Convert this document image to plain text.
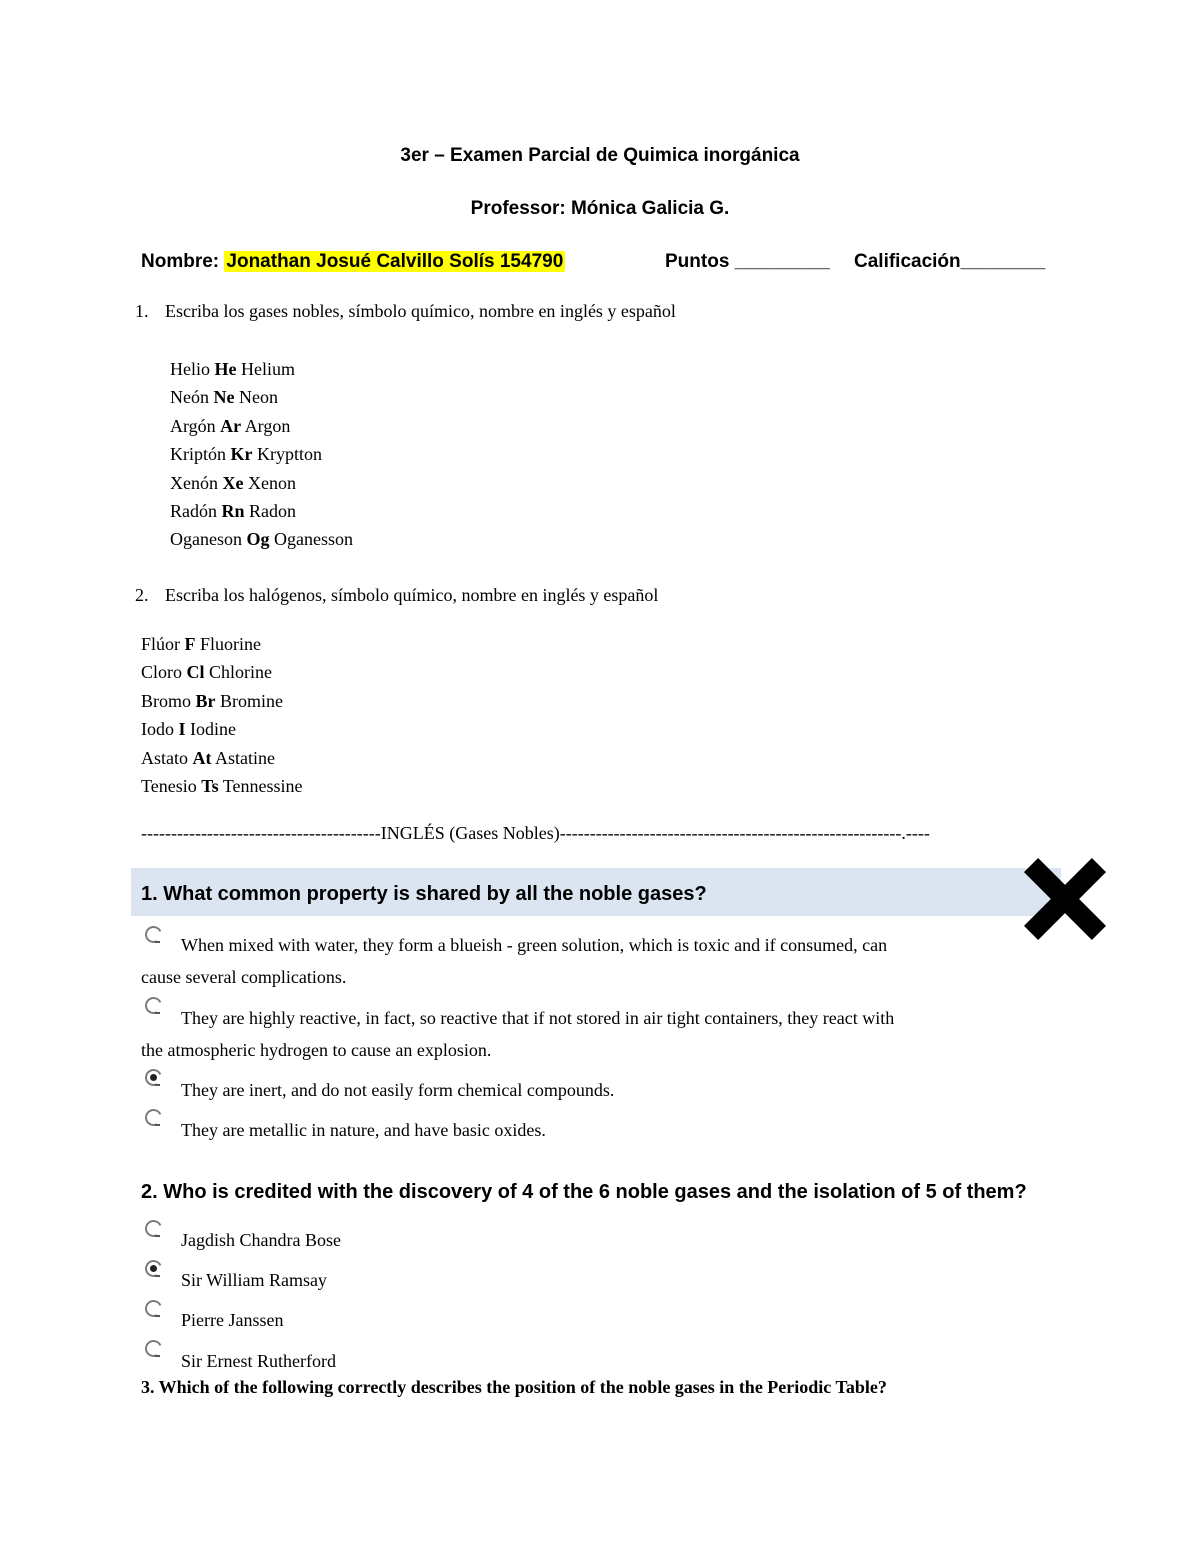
3er – Examen Parcial de Quimica inorgánica
Professor: Mónica Galicia G.
Nombre: Jonathan Josué Calvillo Solís 154790	Puntos _________ Calificación________
1. Escriba los gases nobles, símbolo químico, nombre en inglés y español
Helio He Helium
Neón Ne Neon
Argón Ar Argon
Kriptón Kr Kryptton
Xenón Xe Xenon
Radón Rn Radon
Oganeson Og Oganesson
2. Escriba los halógenos, símbolo químico, nombre en inglés y español
Flúor F Fluorine
Cloro Cl Chlorine
Bromo Br Bromine
Iodo I Iodine
Astato At Astatine
Tenesio Ts Tennessine
----------------------------------------INGLÉS (Gases Nobles)---------------------------------------------------------.----
1. What common property is shared by all the noble gases?
When mixed with water, they form a blueish - green solution, which is toxic and if consumed, can
cause several complications.
They are highly reactive, in fact, so reactive that if not stored in air tight containers, they react with
the atmospheric hydrogen to cause an explosion.
They are inert, and do not easily form chemical compounds.
They are metallic in nature, and have basic oxides.
2. Who is credited with the discovery of 4 of the 6 noble gases and the isolation of 5 of them?
Jagdish Chandra Bose
Sir William Ramsay
Pierre Janssen
Sir Ernest Rutherford
3. Which of the following correctly describes the position of the noble gases in the Periodic Table?
